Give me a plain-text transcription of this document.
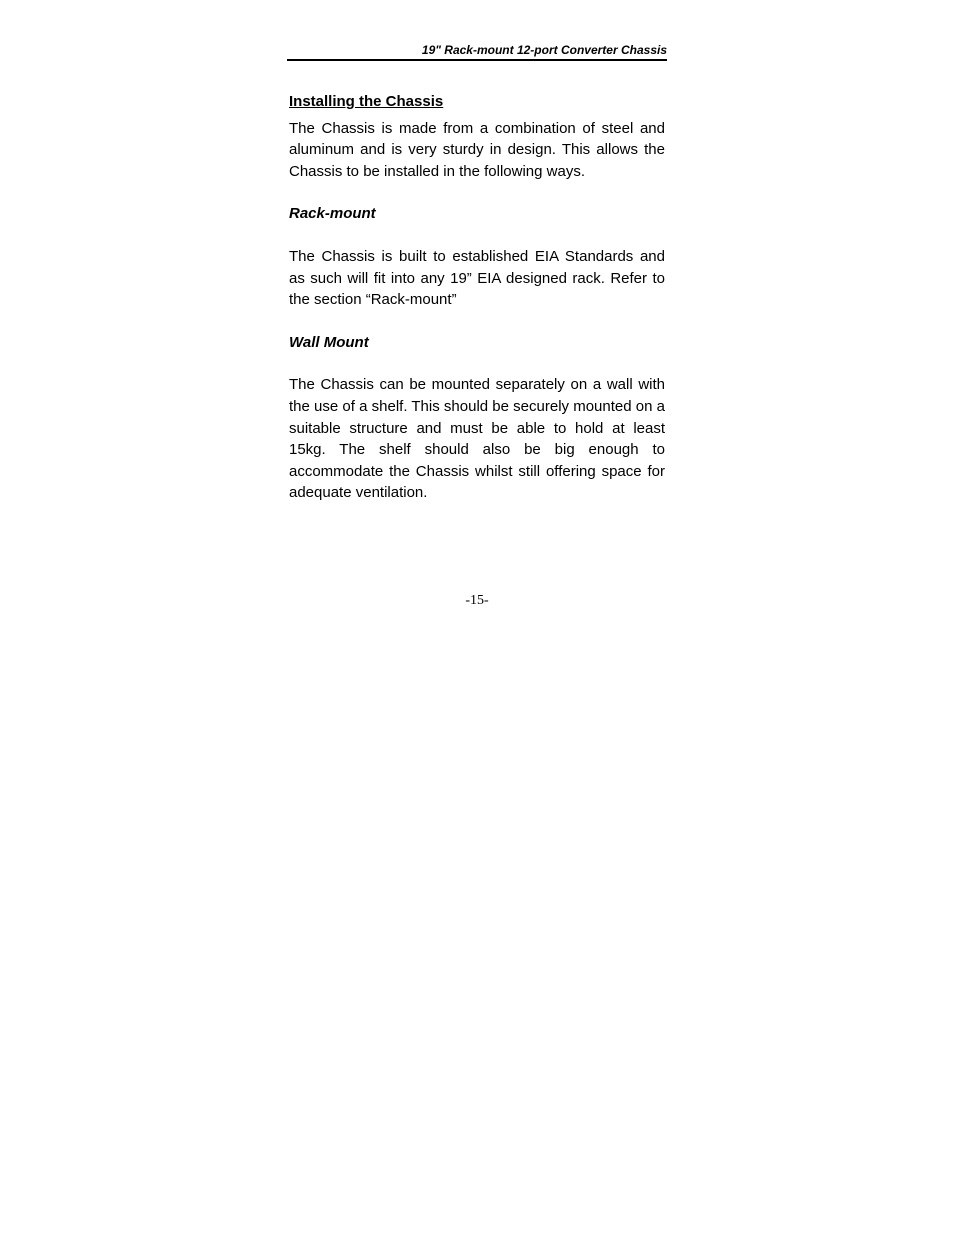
19" Rack-mount 12-port Converter Chassis
Installing the Chassis

The Chassis is made from a combination of steel and aluminum and is very sturdy in design. This allows the Chassis to be installed in the following ways.

Rack-mount

The Chassis is built to established EIA Standards and as such will fit into any 19” EIA designed rack. Refer to the section “Rack-mount”

Wall Mount

The Chassis can be mounted separately on a wall with the use of a shelf. This should be securely mounted on a suitable structure and must be able to hold at least 15kg. The shelf should also be big enough to accommodate the Chassis whilst still offering space for adequate ventilation.

-15-
